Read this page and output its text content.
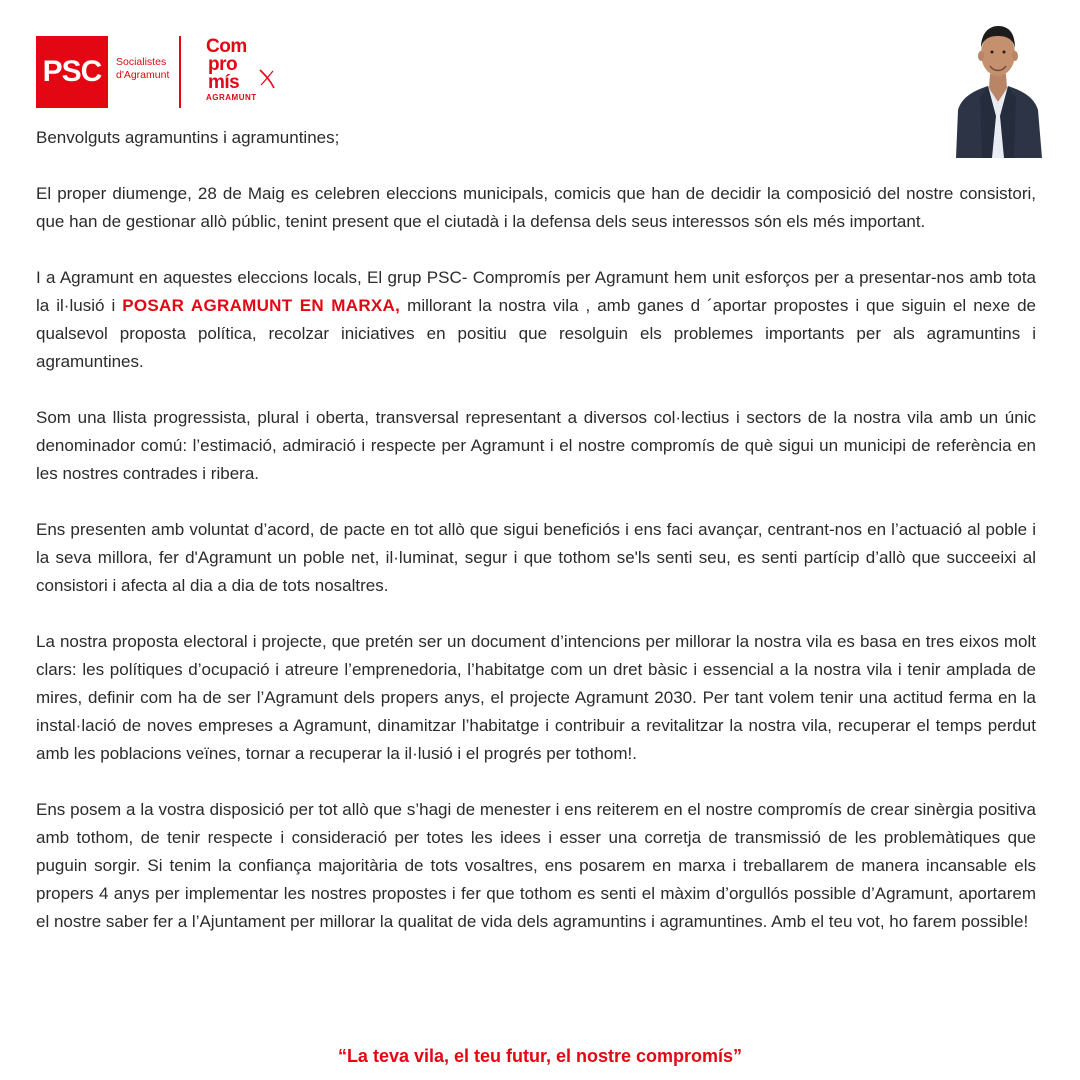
PSC	Socialistes
d'Agramunt
Com
pro
mís
AGRAMUNT

Benvolguts agramuntins i agramuntines;

El proper diumenge, 28 de Maig es celebren eleccions municipals, comicis que han de decidir la composició del nostre consistori, que han de gestionar allò públic, tenint present que el ciutadà i la defensa dels seus interessos són els més important.

I a Agramunt en aquestes eleccions locals, El grup PSC- Compromís per Agramunt hem unit esforços per a presentar-nos amb tota la il·lusió i POSAR AGRAMUNT EN MARXA, millorant la nostra vila , amb ganes d ´aportar propostes i que siguin el nexe de qualsevol proposta política, recolzar iniciatives en positiu que resolguin els problemes importants per als agramuntins i agramuntines.

Som una llista progressista, plural i oberta, transversal representant a diversos col·lectius i sectors de la nostra vila amb un únic denominador comú: l’estimació, admiració i respecte per Agramunt i el nostre compromís de què sigui un municipi de referència en les nostres contrades i ribera.

Ens presenten amb voluntat d’acord, de pacte en tot allò que sigui beneficiós i ens faci avançar, centrant-nos en l’actuació al poble i la seva millora, fer d'Agramunt un poble net, il·luminat, segur i que tothom se'ls senti seu, es senti partícip d’allò que succeeixi al consistori i afecta al dia a dia de tots nosaltres.

La nostra proposta electoral i projecte, que pretén ser un document d’intencions per millorar la nostra vila es basa en tres eixos molt clars: les polítiques d’ocupació i atreure l’emprenedoria, l’habitatge com un dret bàsic i essencial a la nostra vila i tenir amplada de mires, definir com ha de ser l’Agramunt dels propers anys, el projecte Agramunt 2030. Per tant volem tenir una actitud ferma en la instal·lació de noves empreses a Agramunt, dinamitzar l’habitatge i contribuir a revitalitzar la nostra vila, recuperar el temps perdut amb les poblacions veïnes, tornar a recuperar la il·lusió i el progrés per tothom!.

Ens posem a la vostra disposició per tot allò que s’hagi de menester i ens reiterem en el nostre compromís de crear sinèrgia positiva amb tothom, de tenir respecte i consideració per totes les idees i esser una corretja de transmissió de les problemàtiques que puguin sorgir. Si tenim la confiança majoritària de tots vosaltres, ens posarem en marxa i treballarem de manera incansable els propers 4 anys per implementar les nostres propostes i fer que tothom es senti el màxim d’orgullós possible d’Agramunt, aportarem el nostre saber fer a l’Ajuntament per millorar la qualitat de vida dels agramuntins i agramuntines. Amb el teu vot, ho farem possible!

“La teva vila, el teu futur, el nostre compromís”
